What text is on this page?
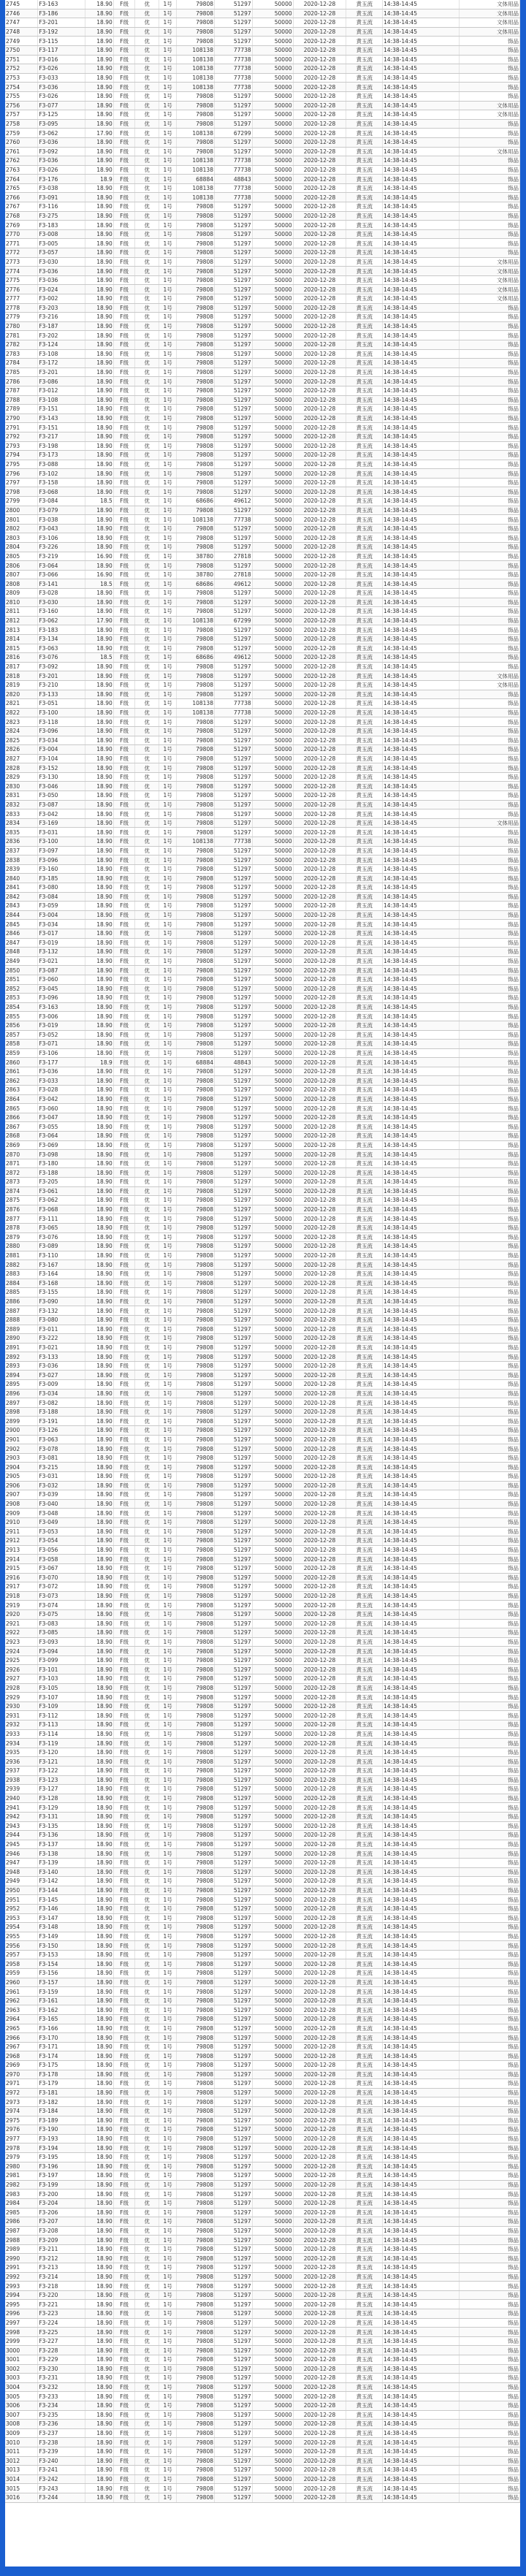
2745	F3-163	18.90	F级	优	1号	79808	51297	50000	2020-12-28	黄玉流	14:38-14:45	文体用品
2746	F3-186	18.90	F级	优	1号	79808	51297	50000	2020-12-28	黄玉流	14:38-14:45	文体用品
2747	F3-201	18.90	F级	优	1号	79808	51297	50000	2020-12-28	黄玉流	14:38-14:45	文体用品
2748	F3-192	18.90	F级	优	1号	79808	51297	50000	2020-12-28	黄玉流	14:38-14:45	文体用品
2749	F3-115	18.90	F级	优	1号	79808	51297	50000	2020-12-28	黄玉流	14:38-14:45	饰品
2750	F3-117	18.90	F级	优	1号	108138	77738	50000	2020-12-28	黄玉流	14:38-14:45	饰品
2751	F3-016	18.90	F级	优	1号	108138	77738	50000	2020-12-28	黄玉流	14:38-14:45	饰品
2752	F3-026	18.90	F级	优	1号	108138	77738	50000	2020-12-28	黄玉流	14:38-14:45	饰品
2753	F3-033	18.90	F级	优	1号	108138	77738	50000	2020-12-28	黄玉流	14:38-14:45	饰品
2754	F3-036	18.90	F级	优	1号	108138	77738	50000	2020-12-28	黄玉流	14:38-14:45	饰品
2755	F3-026	18.90	F级	优	1号	79808	51297	50000	2020-12-28	黄玉流	14:38-14:45	饰品
2756	F3-077	18.90	F级	优	1号	79808	51297	50000	2020-12-28	黄玉流	14:38-14:45	文体用品
2757	F3-125	18.90	F级	优	1号	79808	51297	50000	2020-12-28	黄玉流	14:38-14:45	文体用品
2758	F3-095	18.90	F级	优	1号	79808	51297	50000	2020-12-28	黄玉流	14:38-14:45	饰品
2759	F3-062	17.90	F级	优	1号	108138	67299	50000	2020-12-28	黄玉流	14:38-14:45	饰品
2760	F3-036	18.90	F级	优	1号	79808	51297	50000	2020-12-28	黄玉流	14:38-14:45	饰品
2761	F3-092	18.90	F级	优	1号	79808	51297	50000	2020-12-28	黄玉流	14:38-14:45	文体用品
2762	F3-036	18.90	F级	优	1号	108138	77738	50000	2020-12-28	黄玉流	14:38-14:45	饰品
2763	F3-026	18.90	F级	优	1号	108138	77738	50000	2020-12-28	黄玉流	14:38-14:45	饰品
2764	F3-176	18.9	F级	优	1号	68884	48843	50000	2020-12-28	黄玉流	14:38-14:45	饰品
2765	F3-038	18.90	F级	优	1号	108138	77738	50000	2020-12-28	黄玉流	14:38-14:45	饰品
2766	F3-091	18.90	F级	优	1号	108138	77738	50000	2020-12-28	黄玉流	14:38-14:45	饰品
2767	F3-116	18.90	F级	优	1号	79808	51297	50000	2020-12-28	黄玉流	14:38-14:45	饰品
2768	F3-275	18.90	F级	优	1号	79808	51297	50000	2020-12-28	黄玉流	14:38-14:45	饰品
2769	F3-183	18.90	F级	优	1号	79808	51297	50000	2020-12-28	黄玉流	14:38-14:45	饰品
2770	F3-008	18.90	F级	优	1号	79808	51297	50000	2020-12-28	黄玉流	14:38-14:45	饰品
2771	F3-005	18.90	F级	优	1号	79808	51297	50000	2020-12-28	黄玉流	14:38-14:45	饰品
2772	F3-057	18.90	F级	优	1号	79808	51297	50000	2020-12-28	黄玉流	14:38-14:45	饰品
2773	F3-030	18.90	F级	优	1号	79808	51297	50000	2020-12-28	黄玉流	14:38-14:45	文体用品
2774	F3-036	18.90	F级	优	1号	79808	51297	50000	2020-12-28	黄玉流	14:38-14:45	文体用品
2775	F3-036	18.90	F级	优	1号	79808	51297	50000	2020-12-28	黄玉流	14:38-14:45	文体用品
2776	F3-024	18.90	F级	优	1号	79808	51297	50000	2020-12-28	黄玉流	14:38-14:45	文体用品
2777	F3-002	18.90	F级	优	1号	79808	51297	50000	2020-12-28	黄玉流	14:38-14:45	文体用品
2778	F3-203	18.90	F级	优	1号	79808	51297	50000	2020-12-28	黄玉流	14:38-14:45	饰品
2779	F3-216	18.90	F级	优	1号	79808	51297	50000	2020-12-28	黄玉流	14:38-14:45	饰品
2780	F3-187	18.90	F级	优	1号	79808	51297	50000	2020-12-28	黄玉流	14:38-14:45	饰品
2781	F3-202	18.90	F级	优	1号	79808	51297	50000	2020-12-28	黄玉流	14:38-14:45	饰品
2782	F3-124	18.90	F级	优	1号	79808	51297	50000	2020-12-28	黄玉流	14:38-14:45	饰品
2783	F3-108	18.90	F级	优	1号	79808	51297	50000	2020-12-28	黄玉流	14:38-14:45	饰品
2784	F3-172	18.90	F级	优	1号	79808	51297	50000	2020-12-28	黄玉流	14:38-14:45	饰品
2785	F3-201	18.90	F级	优	1号	79808	51297	50000	2020-12-28	黄玉流	14:38-14:45	饰品
2786	F3-086	18.90	F级	优	1号	79808	51297	50000	2020-12-28	黄玉流	14:38-14:45	饰品
2787	F3-012	18.90	F级	优	1号	79808	51297	50000	2020-12-28	黄玉流	14:38-14:45	饰品
2788	F3-108	18.90	F级	优	1号	79808	51297	50000	2020-12-28	黄玉流	14:38-14:45	饰品
2789	F3-151	18.90	F级	优	1号	79808	51297	50000	2020-12-28	黄玉流	14:38-14:45	饰品
2790	F3-143	18.90	F级	优	1号	79808	51297	50000	2020-12-28	黄玉流	14:38-14:45	饰品
2791	F3-151	18.90	F级	优	1号	79808	51297	50000	2020-12-28	黄玉流	14:38-14:45	饰品
2792	F3-217	18.90	F级	优	1号	79808	51297	50000	2020-12-28	黄玉流	14:38-14:45	饰品
2793	F3-198	18.90	F级	优	1号	79808	51297	50000	2020-12-28	黄玉流	14:38-14:45	饰品
2794	F3-173	18.90	F级	优	1号	79808	51297	50000	2020-12-28	黄玉流	14:38-14:45	饰品
2795	F3-088	18.90	F级	优	1号	79808	51297	50000	2020-12-28	黄玉流	14:38-14:45	饰品
2796	F3-102	18.90	F级	优	1号	79808	51297	50000	2020-12-28	黄玉流	14:38-14:45	饰品
2797	F3-158	18.90	F级	优	1号	79808	51297	50000	2020-12-28	黄玉流	14:38-14:45	饰品
2798	F3-068	18.90	F级	优	1号	79808	51297	50000	2020-12-28	黄玉流	14:38-14:45	饰品
2799	F3-084	18.5	F级	优	1号	68686	49612	50000	2020-12-28	黄玉流	14:38-14:45	饰品
2800	F3-079	18.90	F级	优	1号	79808	51297	50000	2020-12-28	黄玉流	14:38-14:45	饰品
2801	F3-038	18.90	F级	优	1号	108138	77738	50000	2020-12-28	黄玉流	14:38-14:45	饰品
2802	F3-043	18.90	F级	优	1号	79808	51297	50000	2020-12-28	黄玉流	14:38-14:45	饰品
2803	F3-106	18.90	F级	优	1号	79808	51297	50000	2020-12-28	黄玉流	14:38-14:45	饰品
2804	F3-226	18.90	F级	优	1号	79808	51297	50000	2020-12-28	黄玉流	14:38-14:45	饰品
2805	F3-219	16.90	F级	优	1号	38780	27818	50000	2020-12-28	黄玉流	14:38-14:45	饰品
2806	F3-064	18.90	F级	优	1号	79808	51297	50000	2020-12-28	黄玉流	14:38-14:45	饰品
2807	F3-066	16.90	F级	优	1号	38780	27818	50000	2020-12-28	黄玉流	14:38-14:45	饰品
2808	F3-141	18.5	F级	优	1号	68686	49612	50000	2020-12-28	黄玉流	14:38-14:45	饰品
2809	F3-028	18.90	F级	优	1号	79808	51297	50000	2020-12-28	黄玉流	14:38-14:45	饰品
2810	F3-030	18.90	F级	优	1号	79808	51297	50000	2020-12-28	黄玉流	14:38-14:45	饰品
2811	F3-160	18.90	F级	优	1号	79808	51297	50000	2020-12-28	黄玉流	14:38-14:45	饰品
2812	F3-062	17.90	F级	优	1号	108138	67299	50000	2020-12-28	黄玉流	14:38-14:45	饰品
2813	F3-183	18.90	F级	优	1号	79808	51297	50000	2020-12-28	黄玉流	14:38-14:45	饰品
2814	F3-134	18.90	F级	优	1号	79808	51297	50000	2020-12-28	黄玉流	14:38-14:45	饰品
2815	F3-063	18.90	F级	优	1号	79808	51297	50000	2020-12-28	黄玉流	14:38-14:45	饰品
2816	F3-076	18.5	F级	优	1号	68686	49612	50000	2020-12-28	黄玉流	14:38-14:45	饰品
2817	F3-092	18.90	F级	优	1号	79808	51297	50000	2020-12-28	黄玉流	14:38-14:45	饰品
2818	F3-201	18.90	F级	优	1号	79808	51297	50000	2020-12-28	黄玉流	14:38-14:45	文体用品
2819	F3-210	18.90	F级	优	1号	79808	51297	50000	2020-12-28	黄玉流	14:38-14:45	文体用品
2820	F3-133	18.90	F级	优	1号	79808	51297	50000	2020-12-28	黄玉流	14:38-14:45	饰品
2821	F3-051	18.90	F级	优	1号	108138	77738	50000	2020-12-28	黄玉流	14:38-14:45	饰品
2822	F3-100	18.90	F级	优	1号	108138	77738	50000	2020-12-28	黄玉流	14:38-14:45	饰品
2823	F3-118	18.90	F级	优	1号	79808	51297	50000	2020-12-28	黄玉流	14:38-14:45	饰品
2824	F3-096	18.90	F级	优	1号	79808	51297	50000	2020-12-28	黄玉流	14:38-14:45	饰品
2825	F3-034	18.90	F级	优	1号	79808	51297	50000	2020-12-28	黄玉流	14:38-14:45	饰品
2826	F3-004	18.90	F级	优	1号	79808	51297	50000	2020-12-28	黄玉流	14:38-14:45	饰品
2827	F3-104	18.90	F级	优	1号	79808	51297	50000	2020-12-28	黄玉流	14:38-14:45	饰品
2828	F3-152	18.90	F级	优	1号	79808	51297	50000	2020-12-28	黄玉流	14:38-14:45	饰品
2829	F3-130	18.90	F级	优	1号	79808	51297	50000	2020-12-28	黄玉流	14:38-14:45	饰品
2830	F3-046	18.90	F级	优	1号	79808	51297	50000	2020-12-28	黄玉流	14:38-14:45	饰品
2831	F3-050	18.90	F级	优	1号	79808	51297	50000	2020-12-28	黄玉流	14:38-14:45	饰品
2832	F3-087	18.90	F级	优	1号	79808	51297	50000	2020-12-28	黄玉流	14:38-14:45	饰品
2833	F3-042	18.90	F级	优	1号	79808	51297	50000	2020-12-28	黄玉流	14:38-14:45	饰品
2834	F3-169	18.90	F级	优	1号	79808	51297	50000	2020-12-28	黄玉流	14:38-14:45	文体用品
2835	F3-031	18.90	F级	优	1号	79808	51297	50000	2020-12-28	黄玉流	14:38-14:45	饰品
2836	F3-100	18.90	F级	优	1号	108138	77738	50000	2020-12-28	黄玉流	14:38-14:45	饰品
2837	F3-097	18.90	F级	优	1号	79808	51297	50000	2020-12-28	黄玉流	14:38-14:45	饰品
2838	F3-096	18.90	F级	优	1号	79808	51297	50000	2020-12-28	黄玉流	14:38-14:45	饰品
2839	F3-160	18.90	F级	优	1号	79808	51297	50000	2020-12-28	黄玉流	14:38-14:45	饰品
2840	F3-185	18.90	F级	优	1号	79808	51297	50000	2020-12-28	黄玉流	14:38-14:45	饰品
2841	F3-080	18.90	F级	优	1号	79808	51297	50000	2020-12-28	黄玉流	14:38-14:45	饰品
2842	F3-084	18.90	F级	优	1号	79808	51297	50000	2020-12-28	黄玉流	14:38-14:45	饰品
2843	F3-059	18.90	F级	优	1号	79808	51297	50000	2020-12-28	黄玉流	14:38-14:45	饰品
2844	F3-004	18.90	F级	优	1号	79808	51297	50000	2020-12-28	黄玉流	14:38-14:45	饰品
2845	F3-034	18.90	F级	优	1号	79808	51297	50000	2020-12-28	黄玉流	14:38-14:45	饰品
2846	F3-017	18.90	F级	优	1号	79808	51297	50000	2020-12-28	黄玉流	14:38-14:45	饰品
2847	F3-019	18.90	F级	优	1号	79808	51297	50000	2020-12-28	黄玉流	14:38-14:45	饰品
2848	F3-132	18.90	F级	优	1号	79808	51297	50000	2020-12-28	黄玉流	14:38-14:45	饰品
2849	F3-021	18.90	F级	优	1号	79808	51297	50000	2020-12-28	黄玉流	14:38-14:45	饰品
2850	F3-087	18.90	F级	优	1号	79808	51297	50000	2020-12-28	黄玉流	14:38-14:45	饰品
2851	F3-060	18.90	F级	优	1号	79808	51297	50000	2020-12-28	黄玉流	14:38-14:45	饰品
2852	F3-045	18.90	F级	优	1号	79808	51297	50000	2020-12-28	黄玉流	14:38-14:45	饰品
2853	F3-096	18.90	F级	优	1号	79808	51297	50000	2020-12-28	黄玉流	14:38-14:45	饰品
2854	F3-163	18.90	F级	优	1号	79808	51297	50000	2020-12-28	黄玉流	14:38-14:45	饰品
2855	F3-006	18.90	F级	优	1号	79808	51297	50000	2020-12-28	黄玉流	14:38-14:45	饰品
2856	F3-019	18.90	F级	优	1号	79808	51297	50000	2020-12-28	黄玉流	14:38-14:45	饰品
2857	F3-052	18.90	F级	优	1号	79808	51297	50000	2020-12-28	黄玉流	14:38-14:45	饰品
2858	F3-071	18.90	F级	优	1号	79808	51297	50000	2020-12-28	黄玉流	14:38-14:45	饰品
2859	F3-106	18.90	F级	优	1号	79808	51297	50000	2020-12-28	黄玉流	14:38-14:45	饰品
2860	F3-177	18.9	F级	优	1号	68884	48843	50000	2020-12-28	黄玉流	14:38-14:45	饰品
2861	F3-036	18.90	F级	优	1号	79808	51297	50000	2020-12-28	黄玉流	14:38-14:45	饰品
2862	F3-033	18.90	F级	优	1号	79808	51297	50000	2020-12-28	黄玉流	14:38-14:45	饰品
2863	F3-028	18.90	F级	优	1号	79808	51297	50000	2020-12-28	黄玉流	14:38-14:45	饰品
2864	F3-042	18.90	F级	优	1号	79808	51297	50000	2020-12-28	黄玉流	14:38-14:45	饰品
2865	F3-060	18.90	F级	优	1号	79808	51297	50000	2020-12-28	黄玉流	14:38-14:45	饰品
2866	F3-047	18.90	F级	优	1号	79808	51297	50000	2020-12-28	黄玉流	14:38-14:45	饰品
2867	F3-055	18.90	F级	优	1号	79808	51297	50000	2020-12-28	黄玉流	14:38-14:45	饰品
2868	F3-064	18.90	F级	优	1号	79808	51297	50000	2020-12-28	黄玉流	14:38-14:45	饰品
2869	F3-069	18.90	F级	优	1号	79808	51297	50000	2020-12-28	黄玉流	14:38-14:45	饰品
2870	F3-098	18.90	F级	优	1号	79808	51297	50000	2020-12-28	黄玉流	14:38-14:45	饰品
2871	F3-180	18.90	F级	优	1号	79808	51297	50000	2020-12-28	黄玉流	14:38-14:45	饰品
2872	F3-188	18.90	F级	优	1号	79808	51297	50000	2020-12-28	黄玉流	14:38-14:45	饰品
2873	F3-205	18.90	F级	优	1号	79808	51297	50000	2020-12-28	黄玉流	14:38-14:45	饰品
2874	F3-061	18.90	F级	优	1号	79808	51297	50000	2020-12-28	黄玉流	14:38-14:45	饰品
2875	F3-062	18.90	F级	优	1号	79808	51297	50000	2020-12-28	黄玉流	14:38-14:45	饰品
2876	F3-068	18.90	F级	优	1号	79808	51297	50000	2020-12-28	黄玉流	14:38-14:45	饰品
2877	F3-111	18.90	F级	优	1号	79808	51297	50000	2020-12-28	黄玉流	14:38-14:45	饰品
2878	F3-065	18.90	F级	优	1号	79808	51297	50000	2020-12-28	黄玉流	14:38-14:45	饰品
2879	F3-076	18.90	F级	优	1号	79808	51297	50000	2020-12-28	黄玉流	14:38-14:45	饰品
2880	F3-089	18.90	F级	优	1号	79808	51297	50000	2020-12-28	黄玉流	14:38-14:45	饰品
2881	F3-110	18.90	F级	优	1号	79808	51297	50000	2020-12-28	黄玉流	14:38-14:45	饰品
2882	F3-167	18.90	F级	优	1号	79808	51297	50000	2020-12-28	黄玉流	14:38-14:45	饰品
2883	F3-164	18.90	F级	优	1号	79808	51297	50000	2020-12-28	黄玉流	14:38-14:45	饰品
2884	F3-168	18.90	F级	优	1号	79808	51297	50000	2020-12-28	黄玉流	14:38-14:45	饰品
2885	F3-155	18.90	F级	优	1号	79808	51297	50000	2020-12-28	黄玉流	14:38-14:45	饰品
2886	F3-090	18.90	F级	优	1号	79808	51297	50000	2020-12-28	黄玉流	14:38-14:45	饰品
2887	F3-132	18.90	F级	优	1号	79808	51297	50000	2020-12-28	黄玉流	14:38-14:45	饰品
2888	F3-080	18.90	F级	优	1号	79808	51297	50000	2020-12-28	黄玉流	14:38-14:45	饰品
2889	F3-011	18.90	F级	优	1号	79808	51297	50000	2020-12-28	黄玉流	14:38-14:45	饰品
2890	F3-222	18.90	F级	优	1号	79808	51297	50000	2020-12-28	黄玉流	14:38-14:45	饰品
2891	F3-021	18.90	F级	优	1号	79808	51297	50000	2020-12-28	黄玉流	14:38-14:45	饰品
2892	F3-133	18.90	F级	优	1号	79808	51297	50000	2020-12-28	黄玉流	14:38-14:45	饰品
2893	F3-036	18.90	F级	优	1号	79808	51297	50000	2020-12-28	黄玉流	14:38-14:45	饰品
2894	F3-027	18.90	F级	优	1号	79808	51297	50000	2020-12-28	黄玉流	14:38-14:45	饰品
2895	F3-009	18.90	F级	优	1号	79808	51297	50000	2020-12-28	黄玉流	14:38-14:45	饰品
2896	F3-034	18.90	F级	优	1号	79808	51297	50000	2020-12-28	黄玉流	14:38-14:45	饰品
2897	F3-082	18.90	F级	优	1号	79808	51297	50000	2020-12-28	黄玉流	14:38-14:45	饰品
2898	F3-188	18.90	F级	优	1号	79808	51297	50000	2020-12-28	黄玉流	14:38-14:45	饰品
2899	F3-191	18.90	F级	优	1号	79808	51297	50000	2020-12-28	黄玉流	14:38-14:45	饰品
2900	F3-126	18.90	F级	优	1号	79808	51297	50000	2020-12-28	黄玉流	14:38-14:45	饰品
2901	F3-063	18.90	F级	优	1号	79808	51297	50000	2020-12-28	黄玉流	14:38-14:45	饰品
2902	F3-078	18.90	F级	优	1号	79808	51297	50000	2020-12-28	黄玉流	14:38-14:45	饰品
2903	F3-081	18.90	F级	优	1号	79808	51297	50000	2020-12-28	黄玉流	14:38-14:45	饰品
2904	F3-215	18.90	F级	优	1号	79808	51297	50000	2020-12-28	黄玉流	14:38-14:45	饰品
2905	F3-031	18.90	F级	优	1号	79808	51297	50000	2020-12-28	黄玉流	14:38-14:45	饰品
2906	F3-032	18.90	F级	优	1号	79808	51297	50000	2020-12-28	黄玉流	14:38-14:45	饰品
2907	F3-039	18.90	F级	优	1号	79808	51297	50000	2020-12-28	黄玉流	14:38-14:45	饰品
2908	F3-040	18.90	F级	优	1号	79808	51297	50000	2020-12-28	黄玉流	14:38-14:45	饰品
2909	F3-048	18.90	F级	优	1号	79808	51297	50000	2020-12-28	黄玉流	14:38-14:45	饰品
2910	F3-049	18.90	F级	优	1号	79808	51297	50000	2020-12-28	黄玉流	14:38-14:45	饰品
2911	F3-053	18.90	F级	优	1号	79808	51297	50000	2020-12-28	黄玉流	14:38-14:45	饰品
2912	F3-054	18.90	F级	优	1号	79808	51297	50000	2020-12-28	黄玉流	14:38-14:45	饰品
2913	F3-056	18.90	F级	优	1号	79808	51297	50000	2020-12-28	黄玉流	14:38-14:45	饰品
2914	F3-058	18.90	F级	优	1号	79808	51297	50000	2020-12-28	黄玉流	14:38-14:45	饰品
2915	F3-067	18.90	F级	优	1号	79808	51297	50000	2020-12-28	黄玉流	14:38-14:45	饰品
2916	F3-070	18.90	F级	优	1号	79808	51297	50000	2020-12-28	黄玉流	14:38-14:45	饰品
2917	F3-072	18.90	F级	优	1号	79808	51297	50000	2020-12-28	黄玉流	14:38-14:45	饰品
2918	F3-073	18.90	F级	优	1号	79808	51297	50000	2020-12-28	黄玉流	14:38-14:45	饰品
2919	F3-074	18.90	F级	优	1号	79808	51297	50000	2020-12-28	黄玉流	14:38-14:45	饰品
2920	F3-075	18.90	F级	优	1号	79808	51297	50000	2020-12-28	黄玉流	14:38-14:45	饰品
2921	F3-083	18.90	F级	优	1号	79808	51297	50000	2020-12-28	黄玉流	14:38-14:45	饰品
2922	F3-085	18.90	F级	优	1号	79808	51297	50000	2020-12-28	黄玉流	14:38-14:45	饰品
2923	F3-093	18.90	F级	优	1号	79808	51297	50000	2020-12-28	黄玉流	14:38-14:45	饰品
2924	F3-094	18.90	F级	优	1号	79808	51297	50000	2020-12-28	黄玉流	14:38-14:45	饰品
2925	F3-099	18.90	F级	优	1号	79808	51297	50000	2020-12-28	黄玉流	14:38-14:45	饰品
2926	F3-101	18.90	F级	优	1号	79808	51297	50000	2020-12-28	黄玉流	14:38-14:45	饰品
2927	F3-103	18.90	F级	优	1号	79808	51297	50000	2020-12-28	黄玉流	14:38-14:45	饰品
2928	F3-105	18.90	F级	优	1号	79808	51297	50000	2020-12-28	黄玉流	14:38-14:45	饰品
2929	F3-107	18.90	F级	优	1号	79808	51297	50000	2020-12-28	黄玉流	14:38-14:45	饰品
2930	F3-109	18.90	F级	优	1号	79808	51297	50000	2020-12-28	黄玉流	14:38-14:45	饰品
2931	F3-112	18.90	F级	优	1号	79808	51297	50000	2020-12-28	黄玉流	14:38-14:45	饰品
2932	F3-113	18.90	F级	优	1号	79808	51297	50000	2020-12-28	黄玉流	14:38-14:45	饰品
2933	F3-114	18.90	F级	优	1号	79808	51297	50000	2020-12-28	黄玉流	14:38-14:45	饰品
2934	F3-119	18.90	F级	优	1号	79808	51297	50000	2020-12-28	黄玉流	14:38-14:45	饰品
2935	F3-120	18.90	F级	优	1号	79808	51297	50000	2020-12-28	黄玉流	14:38-14:45	饰品
2936	F3-121	18.90	F级	优	1号	79808	51297	50000	2020-12-28	黄玉流	14:38-14:45	饰品
2937	F3-122	18.90	F级	优	1号	79808	51297	50000	2020-12-28	黄玉流	14:38-14:45	饰品
2938	F3-123	18.90	F级	优	1号	79808	51297	50000	2020-12-28	黄玉流	14:38-14:45	饰品
2939	F3-127	18.90	F级	优	1号	79808	51297	50000	2020-12-28	黄玉流	14:38-14:45	饰品
2940	F3-128	18.90	F级	优	1号	79808	51297	50000	2020-12-28	黄玉流	14:38-14:45	饰品
2941	F3-129	18.90	F级	优	1号	79808	51297	50000	2020-12-28	黄玉流	14:38-14:45	饰品
2942	F3-131	18.90	F级	优	1号	79808	51297	50000	2020-12-28	黄玉流	14:38-14:45	饰品
2943	F3-135	18.90	F级	优	1号	79808	51297	50000	2020-12-28	黄玉流	14:38-14:45	饰品
2944	F3-136	18.90	F级	优	1号	79808	51297	50000	2020-12-28	黄玉流	14:38-14:45	饰品
2945	F3-137	18.90	F级	优	1号	79808	51297	50000	2020-12-28	黄玉流	14:38-14:45	饰品
2946	F3-138	18.90	F级	优	1号	79808	51297	50000	2020-12-28	黄玉流	14:38-14:45	饰品
2947	F3-139	18.90	F级	优	1号	79808	51297	50000	2020-12-28	黄玉流	14:38-14:45	饰品
2948	F3-140	18.90	F级	优	1号	79808	51297	50000	2020-12-28	黄玉流	14:38-14:45	饰品
2949	F3-142	18.90	F级	优	1号	79808	51297	50000	2020-12-28	黄玉流	14:38-14:45	饰品
2950	F3-144	18.90	F级	优	1号	79808	51297	50000	2020-12-28	黄玉流	14:38-14:45	饰品
2951	F3-145	18.90	F级	优	1号	79808	51297	50000	2020-12-28	黄玉流	14:38-14:45	饰品
2952	F3-146	18.90	F级	优	1号	79808	51297	50000	2020-12-28	黄玉流	14:38-14:45	饰品
2953	F3-147	18.90	F级	优	1号	79808	51297	50000	2020-12-28	黄玉流	14:38-14:45	饰品
2954	F3-148	18.90	F级	优	1号	79808	51297	50000	2020-12-28	黄玉流	14:38-14:45	饰品
2955	F3-149	18.90	F级	优	1号	79808	51297	50000	2020-12-28	黄玉流	14:38-14:45	饰品
2956	F3-150	18.90	F级	优	1号	79808	51297	50000	2020-12-28	黄玉流	14:38-14:45	饰品
2957	F3-153	18.90	F级	优	1号	79808	51297	50000	2020-12-28	黄玉流	14:38-14:45	饰品
2958	F3-154	18.90	F级	优	1号	79808	51297	50000	2020-12-28	黄玉流	14:38-14:45	饰品
2959	F3-156	18.90	F级	优	1号	79808	51297	50000	2020-12-28	黄玉流	14:38-14:45	饰品
2960	F3-157	18.90	F级	优	1号	79808	51297	50000	2020-12-28	黄玉流	14:38-14:45	饰品
2961	F3-159	18.90	F级	优	1号	79808	51297	50000	2020-12-28	黄玉流	14:38-14:45	饰品
2962	F3-161	18.90	F级	优	1号	79808	51297	50000	2020-12-28	黄玉流	14:38-14:45	饰品
2963	F3-162	18.90	F级	优	1号	79808	51297	50000	2020-12-28	黄玉流	14:38-14:45	饰品
2964	F3-165	18.90	F级	优	1号	79808	51297	50000	2020-12-28	黄玉流	14:38-14:45	饰品
2965	F3-166	18.90	F级	优	1号	79808	51297	50000	2020-12-28	黄玉流	14:38-14:45	饰品
2966	F3-170	18.90	F级	优	1号	79808	51297	50000	2020-12-28	黄玉流	14:38-14:45	饰品
2967	F3-171	18.90	F级	优	1号	79808	51297	50000	2020-12-28	黄玉流	14:38-14:45	饰品
2968	F3-174	18.90	F级	优	1号	79808	51297	50000	2020-12-28	黄玉流	14:38-14:45	饰品
2969	F3-175	18.90	F级	优	1号	79808	51297	50000	2020-12-28	黄玉流	14:38-14:45	饰品
2970	F3-178	18.90	F级	优	1号	79808	51297	50000	2020-12-28	黄玉流	14:38-14:45	饰品
2971	F3-179	18.90	F级	优	1号	79808	51297	50000	2020-12-28	黄玉流	14:38-14:45	饰品
2972	F3-181	18.90	F级	优	1号	79808	51297	50000	2020-12-28	黄玉流	14:38-14:45	饰品
2973	F3-182	18.90	F级	优	1号	79808	51297	50000	2020-12-28	黄玉流	14:38-14:45	饰品
2974	F3-184	18.90	F级	优	1号	79808	51297	50000	2020-12-28	黄玉流	14:38-14:45	饰品
2975	F3-189	18.90	F级	优	1号	79808	51297	50000	2020-12-28	黄玉流	14:38-14:45	饰品
2976	F3-190	18.90	F级	优	1号	79808	51297	50000	2020-12-28	黄玉流	14:38-14:45	饰品
2977	F3-193	18.90	F级	优	1号	79808	51297	50000	2020-12-28	黄玉流	14:38-14:45	饰品
2978	F3-194	18.90	F级	优	1号	79808	51297	50000	2020-12-28	黄玉流	14:38-14:45	饰品
2979	F3-195	18.90	F级	优	1号	79808	51297	50000	2020-12-28	黄玉流	14:38-14:45	饰品
2980	F3-196	18.90	F级	优	1号	79808	51297	50000	2020-12-28	黄玉流	14:38-14:45	饰品
2981	F3-197	18.90	F级	优	1号	79808	51297	50000	2020-12-28	黄玉流	14:38-14:45	饰品
2982	F3-199	18.90	F级	优	1号	79808	51297	50000	2020-12-28	黄玉流	14:38-14:45	饰品
2983	F3-200	18.90	F级	优	1号	79808	51297	50000	2020-12-28	黄玉流	14:38-14:45	饰品
2984	F3-204	18.90	F级	优	1号	79808	51297	50000	2020-12-28	黄玉流	14:38-14:45	饰品
2985	F3-206	18.90	F级	优	1号	79808	51297	50000	2020-12-28	黄玉流	14:38-14:45	饰品
2986	F3-207	18.90	F级	优	1号	79808	51297	50000	2020-12-28	黄玉流	14:38-14:45	饰品
2987	F3-208	18.90	F级	优	1号	79808	51297	50000	2020-12-28	黄玉流	14:38-14:45	饰品
2988	F3-209	18.90	F级	优	1号	79808	51297	50000	2020-12-28	黄玉流	14:38-14:45	饰品
2989	F3-211	18.90	F级	优	1号	79808	51297	50000	2020-12-28	黄玉流	14:38-14:45	饰品
2990	F3-212	18.90	F级	优	1号	79808	51297	50000	2020-12-28	黄玉流	14:38-14:45	饰品
2991	F3-213	18.90	F级	优	1号	79808	51297	50000	2020-12-28	黄玉流	14:38-14:45	饰品
2992	F3-214	18.90	F级	优	1号	79808	51297	50000	2020-12-28	黄玉流	14:38-14:45	饰品
2993	F3-218	18.90	F级	优	1号	79808	51297	50000	2020-12-28	黄玉流	14:38-14:45	饰品
2994	F3-220	18.90	F级	优	1号	79808	51297	50000	2020-12-28	黄玉流	14:38-14:45	饰品
2995	F3-221	18.90	F级	优	1号	79808	51297	50000	2020-12-28	黄玉流	14:38-14:45	饰品
2996	F3-223	18.90	F级	优	1号	79808	51297	50000	2020-12-28	黄玉流	14:38-14:45	饰品
2997	F3-224	18.90	F级	优	1号	79808	51297	50000	2020-12-28	黄玉流	14:38-14:45	饰品
2998	F3-225	18.90	F级	优	1号	79808	51297	50000	2020-12-28	黄玉流	14:38-14:45	饰品
2999	F3-227	18.90	F级	优	1号	79808	51297	50000	2020-12-28	黄玉流	14:38-14:45	饰品
3000	F3-228	18.90	F级	优	1号	79808	51297	50000	2020-12-28	黄玉流	14:38-14:45	饰品
3001	F3-229	18.90	F级	优	1号	79808	51297	50000	2020-12-28	黄玉流	14:38-14:45	饰品
3002	F3-230	18.90	F级	优	1号	79808	51297	50000	2020-12-28	黄玉流	14:38-14:45	饰品
3003	F3-231	18.90	F级	优	1号	79808	51297	50000	2020-12-28	黄玉流	14:38-14:45	饰品
3004	F3-232	18.90	F级	优	1号	79808	51297	50000	2020-12-28	黄玉流	14:38-14:45	饰品
3005	F3-233	18.90	F级	优	1号	79808	51297	50000	2020-12-28	黄玉流	14:38-14:45	饰品
3006	F3-234	18.90	F级	优	1号	79808	51297	50000	2020-12-28	黄玉流	14:38-14:45	饰品
3007	F3-235	18.90	F级	优	1号	79808	51297	50000	2020-12-28	黄玉流	14:38-14:45	饰品
3008	F3-236	18.90	F级	优	1号	79808	51297	50000	2020-12-28	黄玉流	14:38-14:45	饰品
3009	F3-237	18.90	F级	优	1号	79808	51297	50000	2020-12-28	黄玉流	14:38-14:45	饰品
3010	F3-238	18.90	F级	优	1号	79808	51297	50000	2020-12-28	黄玉流	14:38-14:45	饰品
3011	F3-239	18.90	F级	优	1号	79808	51297	50000	2020-12-28	黄玉流	14:38-14:45	饰品
3012	F3-240	18.90	F级	优	1号	79808	51297	50000	2020-12-28	黄玉流	14:38-14:45	饰品
3013	F3-241	18.90	F级	优	1号	79808	51297	50000	2020-12-28	黄玉流	14:38-14:45	饰品
3014	F3-242	18.90	F级	优	1号	79808	51297	50000	2020-12-28	黄玉流	14:38-14:45	饰品
3015	F3-243	18.90	F级	优	1号	79808	51297	50000	2020-12-28	黄玉流	14:38-14:45	饰品
3016	F3-244	18.90	F级	优	1号	79808	51297	50000	2020-12-28	黄玉流	14:38-14:45	饰品
